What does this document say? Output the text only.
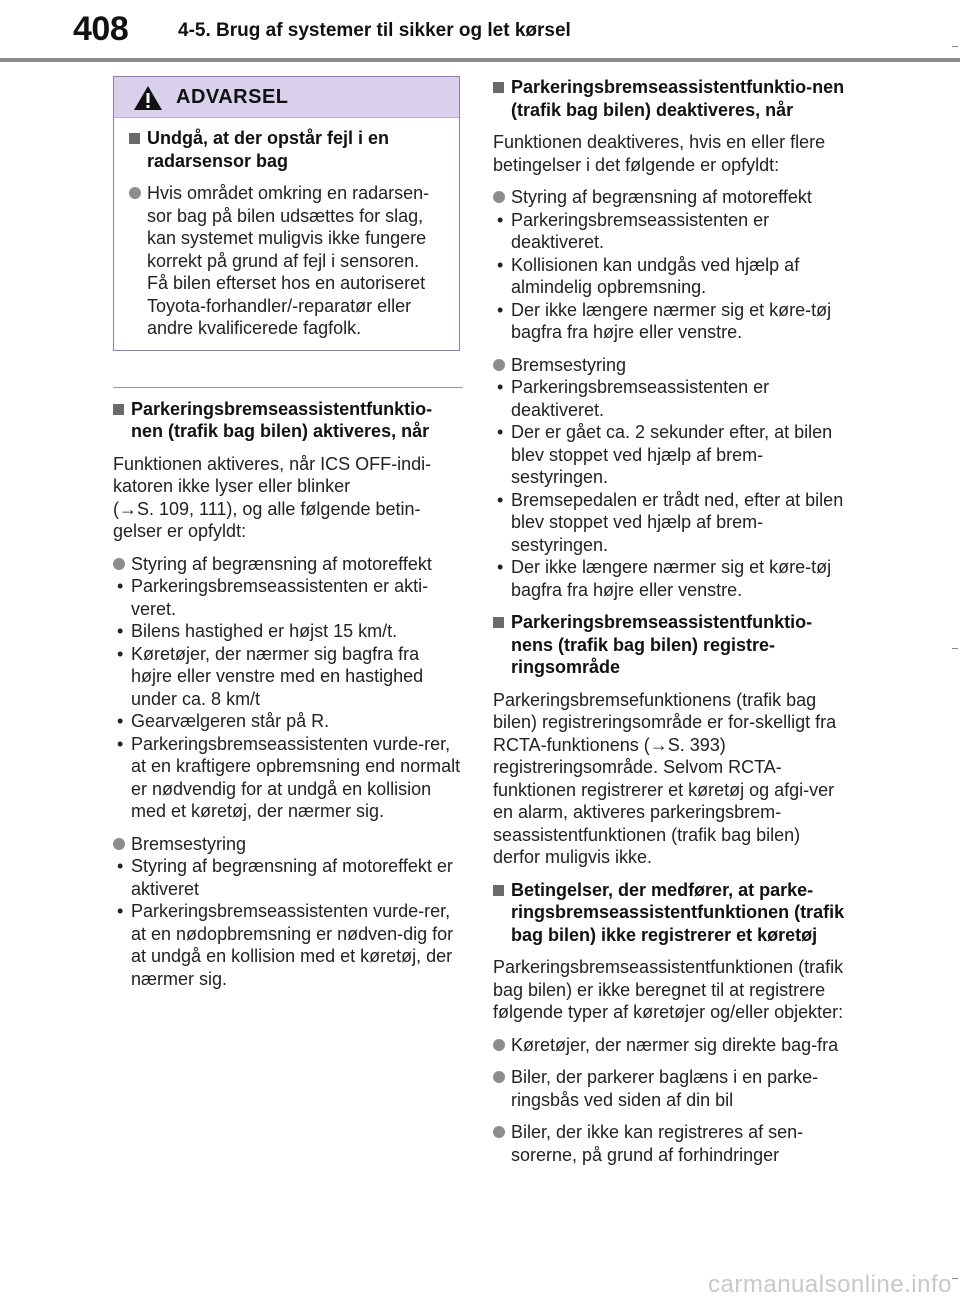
408	4-5. Brug af systemer til sikker og let kørsel
ADVARSEL
Undgå, at der opstår fejl i en radarsensor bag
Hvis området omkring en radarsen-sor bag på bilen udsættes for slag, kan systemet muligvis ikke fungere korrekt på grund af fejl i sensoren. Få bilen efterset hos en autoriseret Toyota-forhandler/-reparatør eller andre kvalificerede fagfolk.
Parkeringsbremseassistentfunktio-nen (trafik bag bilen) aktiveres, når
Funktionen aktiveres, når ICS OFF-indi-katoren ikke lyser eller blinker
(→S. 109, 111), og alle følgende betin-gelser er opfyldt:
Styring af begrænsning af motoreffekt
• Parkeringsbremseassistenten er akti-veret.
• Bilens hastighed er højst 15 km/t.
• Køretøjer, der nærmer sig bagfra fra højre eller venstre med en hastighed under ca. 8 km/t
• Gearvælgeren står på R.
• Parkeringsbremseassistenten vurde-rer, at en kraftigere opbremsning end normalt er nødvendig for at undgå en kollision med et køretøj, der nærmer sig.
Bremsestyring
• Styring af begrænsning af motoreffekt er aktiveret
• Parkeringsbremseassistenten vurde-rer, at en nødopbremsning er nødven-dig for at undgå en kollision med et køretøj, der nærmer sig.
Parkeringsbremseassistentfunktio-nen (trafik bag bilen) deaktiveres, når
Funktionen deaktiveres, hvis en eller flere betingelser i det følgende er opfyldt:
Styring af begrænsning af motoreffekt
• Parkeringsbremseassistenten er deaktiveret.
• Kollisionen kan undgås ved hjælp af almindelig opbremsning.
• Der ikke længere nærmer sig et køre-tøj bagfra fra højre eller venstre.
Bremsestyring
• Parkeringsbremseassistenten er deaktiveret.
• Der er gået ca. 2 sekunder efter, at bilen blev stoppet ved hjælp af brem-sestyringen.
• Bremsepedalen er trådt ned, efter at bilen blev stoppet ved hjælp af brem-sestyringen.
• Der ikke længere nærmer sig et køre-tøj bagfra fra højre eller venstre.
Parkeringsbremseassistentfunktio-nens (trafik bag bilen) registre-ringsområde
Parkeringsbremsefunktionens (trafik bag bilen) registreringsområde er for-skelligt fra RCTA-funktionens (→S. 393) registreringsområde. Selvom RCTA-funktionen registrerer et køretøj og afgi-ver en alarm, aktiveres parkeringsbrem-seassistentfunktionen (trafik bag bilen) derfor muligvis ikke.
Betingelser, der medfører, at parke-ringsbremseassistentfunktionen (trafik bag bilen) ikke registrerer et køretøj
Parkeringsbremseassistentfunktionen (trafik bag bilen) er ikke beregnet til at registrere følgende typer af køretøjer og/eller objekter:
Køretøjer, der nærmer sig direkte bag-fra
Biler, der parkerer baglæns i en parke-ringsbås ved siden af din bil
Biler, der ikke kan registreres af sen-sorerne, på grund af forhindringer
carmanualsonline.info
